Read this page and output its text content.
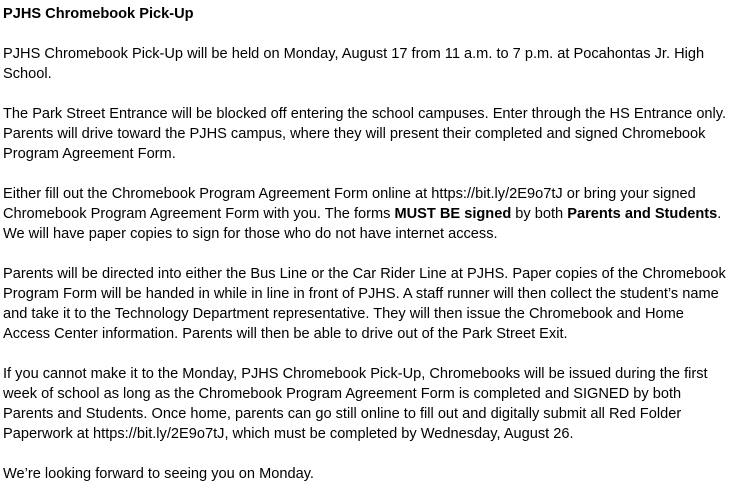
PJHS Chromebook Pick-Up

PJHS Chromebook Pick-Up will be held on Monday, August 17 from 11 a.m. to 7 p.m. at Pocahontas Jr. High School.

The Park Street Entrance will be blocked off entering the school campuses. Enter through the HS Entrance only. Parents will drive toward the PJHS campus, where they will present their completed and signed Chromebook Program Agreement Form.

Either fill out the Chromebook Program Agreement Form online at https://bit.ly/2E9o7tJ or bring your signed Chromebook Program Agreement Form with you. The forms MUST BE signed by both Parents and Students. We will have paper copies to sign for those who do not have internet access.

Parents will be directed into either the Bus Line or the Car Rider Line at PJHS. Paper copies of the Chromebook Program Form will be handed in while in line in front of PJHS. A staff runner will then collect the student’s name and take it to the Technology Department representative. They will then issue the Chromebook and Home Access Center information. Parents will then be able to drive out of the Park Street Exit.

If you cannot make it to the Monday, PJHS Chromebook Pick-Up, Chromebooks will be issued during the first week of school as long as the Chromebook Program Agreement Form is completed and SIGNED by both Parents and Students. Once home, parents can go still online to fill out and digitally submit all Red Folder Paperwork at https://bit.ly/2E9o7tJ, which must be completed by Wednesday, August 26.

We’re looking forward to seeing you on Monday.
